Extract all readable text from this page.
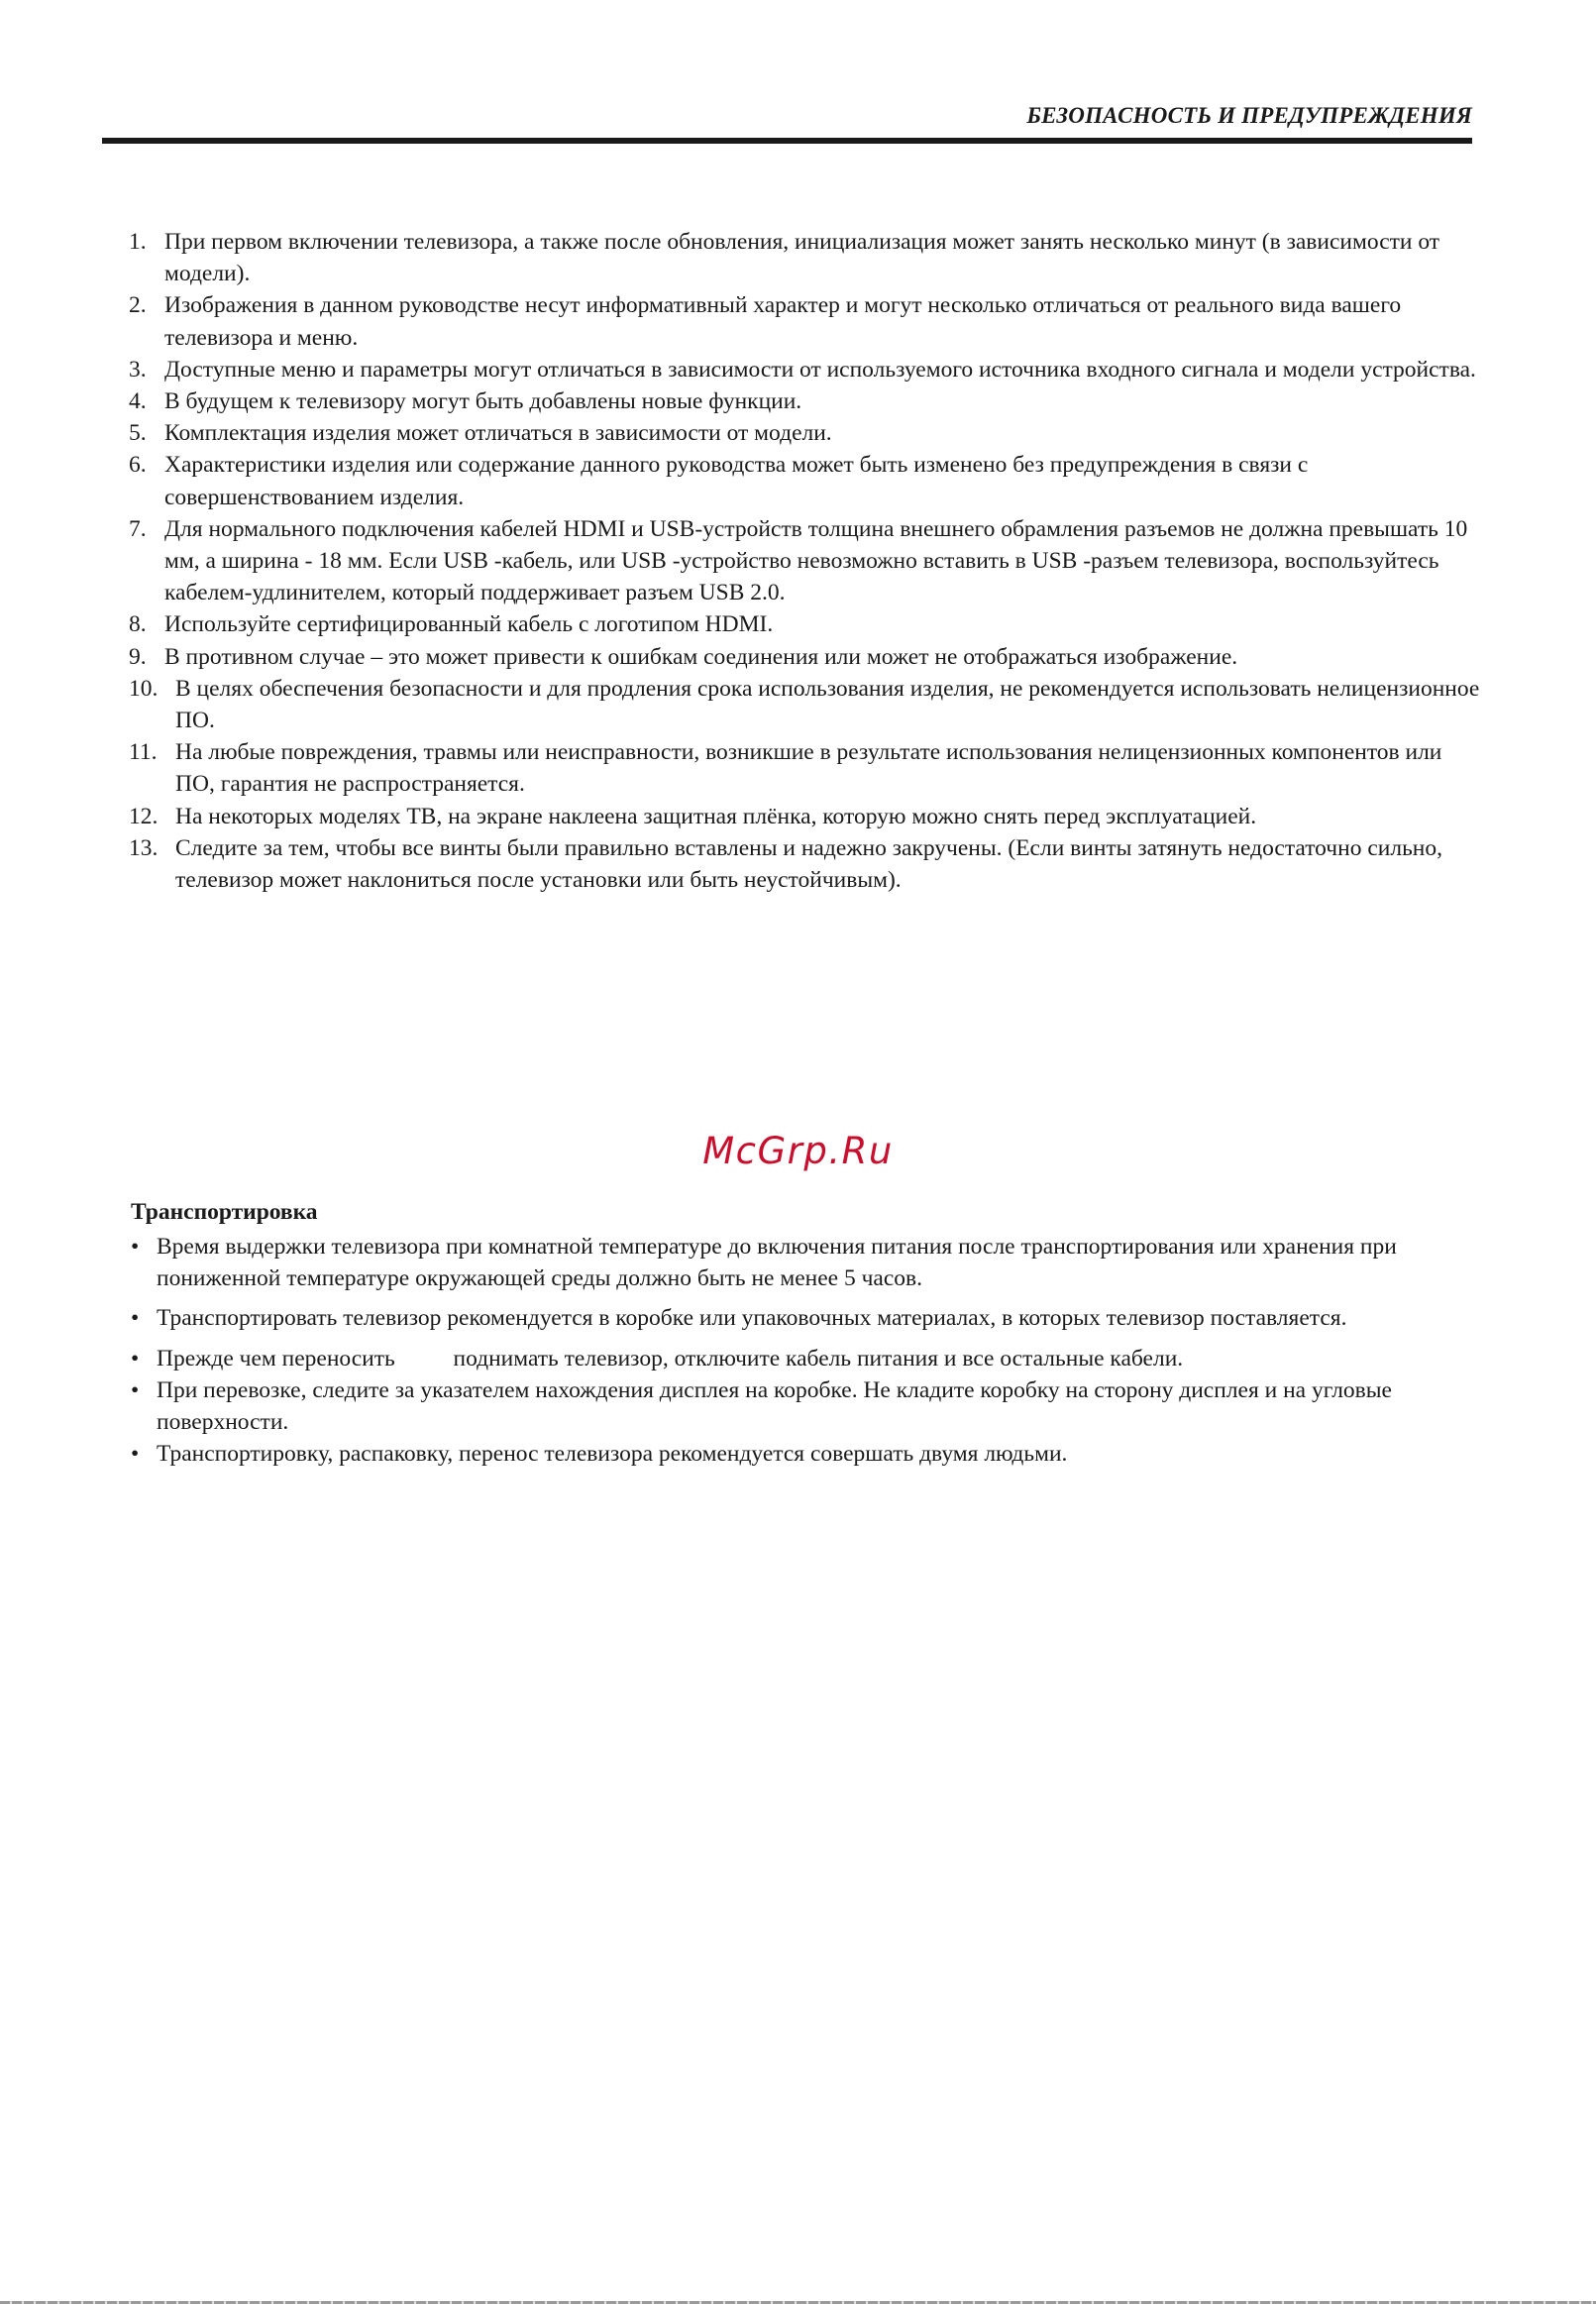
БЕЗОПАСНОСТЬ И ПРЕДУПРЕЖДЕНИЯ
1. При первом включении телевизора, а также после обновления, инициализация может занять несколько минут (в зависимости от модели).
2. Изображения в данном руководстве несут информативный характер и могут несколько отличаться от реального вида вашего телевизора и меню.
3. Доступные меню и параметры могут отличаться в зависимости от используемого источника входного сигнала и модели устройства.
4. В будущем к телевизору могут быть добавлены новые функции.
5. Комплектация изделия может отличаться в зависимости от модели.
6. Характеристики изделия или содержание данного руководства может быть изменено без предупреждения в связи с совершенствованием изделия.
7. Для нормального подключения кабелей HDMI и USB-устройств толщина внешнего обрамления разъемов не должна превышать 10 мм, а ширина - 18 мм. Если USB -кабель, или USB -устройство невозможно вставить в USB -разъем телевизора, воспользуйтесь кабелем-удлинителем, который поддерживает разъем USB 2.0.
8. Используйте сертифицированный кабель с логотипом HDMI.
9. В противном случае – это может привести к ошибкам соединения или может не отображаться изображение.
10. В целях обеспечения безопасности и для продления срока использования изделия, не рекомендуется использовать нелицензионное ПО.
11. На любые повреждения, травмы или неисправности, возникшие в результате использования нелицензионных компонентов или ПО, гарантия не распространяется.
12. На некоторых моделях ТВ, на экране наклеена защитная плёнка, которую можно снять перед эксплуатацией.
13. Следите за тем, чтобы все винты были правильно вставлены и надежно закручены. (Если винты затянуть недостаточно сильно, телевизор может наклониться после установки или быть неустойчивым).
McGrp.Ru
Транспортировка
• Время выдержки телевизора при комнатной температуре до включения питания после транспортирования или хранения при пониженной температуре окружающей среды должно быть не менее 5 часов.
• Транспортировать телевизор рекомендуется в коробке или упаковочных материалах, в которых телевизор поставляется.
• Прежде чем переносить          поднимать телевизор, отключите кабель питания и все остальные кабели.
• При перевозке, следите за указателем нахождения дисплея на коробке. Не кладите коробку на сторону дисплея и на угловые поверхности.
• Транспортировку, распаковку, перенос телевизора рекомендуется совершать двумя людьми.
